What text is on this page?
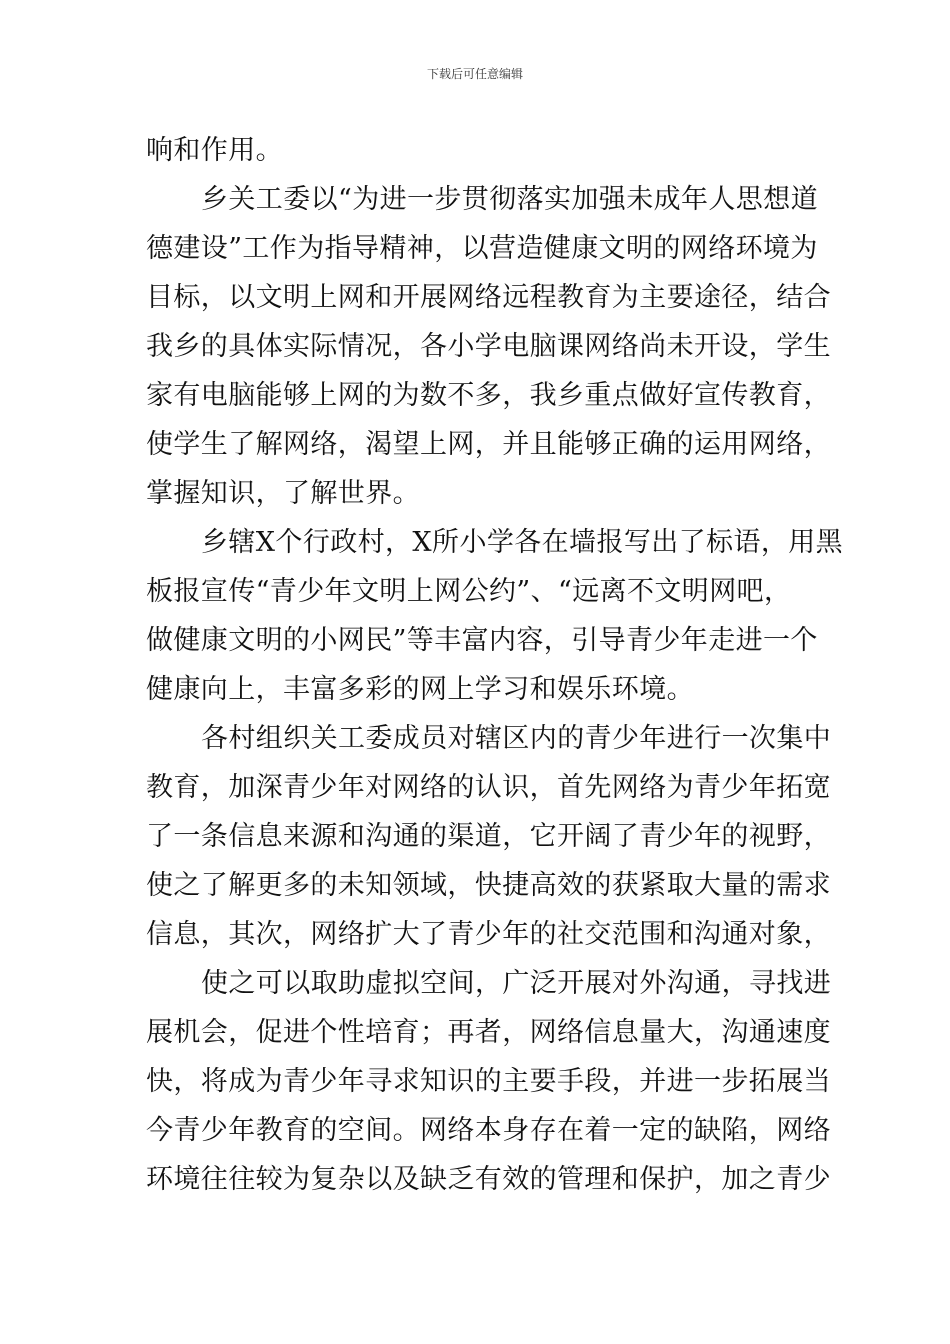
下载后可任意编辑
响和作用。
乡关工委以“为进一步贯彻落实加强未成年人思想道
德建设”工作为指导精神，以营造健康文明的网络环境为
目标，以文明上网和开展网络远程教育为主要途径，结合
我乡的具体实际情况，各小学电脑课网络尚未开设，学生
家有电脑能够上网的为数不多，我乡重点做好宣传教育，
使学生了解网络，渴望上网，并且能够正确的运用网络，
掌握知识，了解世界。
乡辖X个行政村，X所小学各在墙报写出了标语，用黑
板报宣传“青少年文明上网公约”、“远离不文明网吧，
做健康文明的小网民”等丰富内容，引导青少年走进一个
健康向上，丰富多彩的网上学习和娱乐环境。
各村组织关工委成员对辖区内的青少年进行一次集中
教育，加深青少年对网络的认识，首先网络为青少年拓宽
了一条信息来源和沟通的渠道，它开阔了青少年的视野，
使之了解更多的未知领域，快捷高效的获紧取大量的需求
信息，其次，网络扩大了青少年的社交范围和沟通对象，
使之可以取助虚拟空间，广泛开展对外沟通，寻找进
展机会，促进个性培育；再者，网络信息量大，沟通速度
快，将成为青少年寻求知识的主要手段，并进一步拓展当
今青少年教育的空间。网络本身存在着一定的缺陷，网络
环境往往较为复杂以及缺乏有效的管理和保护，加之青少
